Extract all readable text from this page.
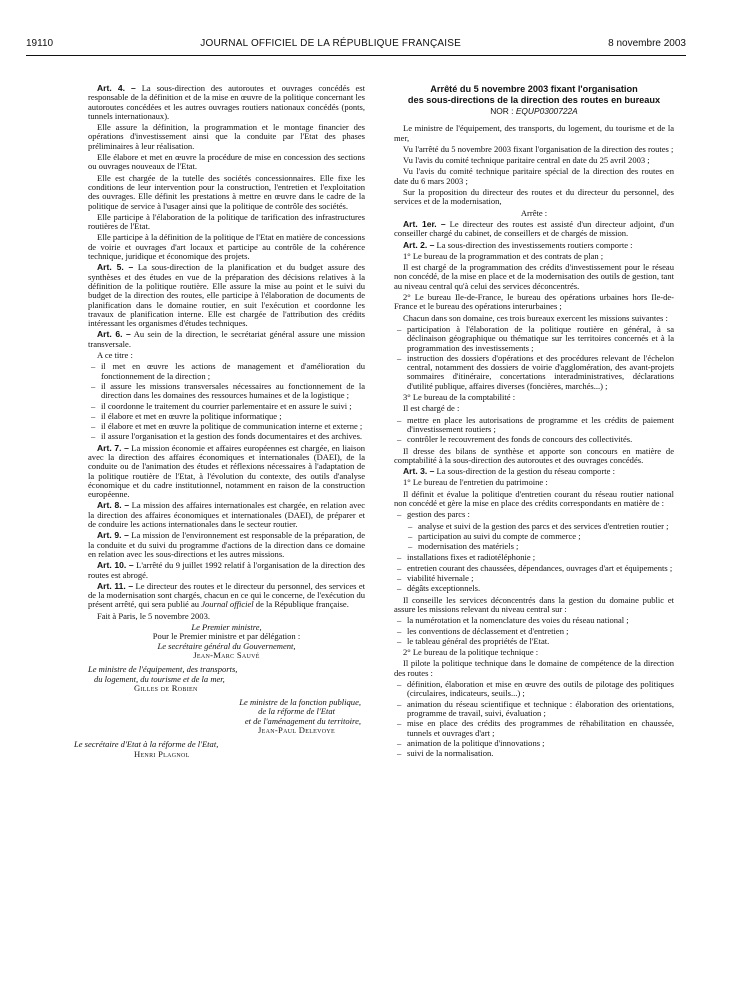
19110	JOURNAL OFFICIEL DE LA RÉPUBLIQUE FRANÇAISE	8 novembre 2003

Art. 4. – La sous-direction des autoroutes et ouvrages concédés est responsable de la définition et de la mise en œuvre de la politique concernant les autoroutes concédées et les autres ouvrages routiers nationaux concédés (ponts, tunnels internationaux).

Elle assure la définition, la programmation et le montage financier des opérations d'investissement ainsi que la conduite par l'Etat des phases préliminaires à leur réalisation.

Elle élabore et met en œuvre la procédure de mise en concession des sections ou ouvrages nouveaux de l'Etat.

Elle est chargée de la tutelle des sociétés concessionnaires. Elle fixe les conditions de leur intervention pour la construction, l'entretien et l'exploitation des ouvrages. Elle définit les prestations à mettre en œuvre dans le cadre de la politique de service à l'usager ainsi que la politique de contrôle des sociétés.

Elle participe à l'élaboration de la politique de tarification des infrastructures routières de l'Etat.

Elle participe à la définition de la politique de l'Etat en matière de concessions de voirie et ouvrages d'art locaux et participe au contrôle de la cohérence technique, juridique et économique des projets.

Art. 5. – La sous-direction de la planification et du budget assure des synthèses et des études en vue de la préparation des décisions relatives à la définition de la politique routière. Elle assure la mise au point et le suivi du budget de la direction des routes, elle participe à l'élaboration de documents de planification dans le domaine routier, en suit l'exécution et coordonne les travaux de planification interne. Elle est chargée de l'attribution des crédits intéressant les organismes d'études techniques.

Art. 6. – Au sein de la direction, le secrétariat général assure une mission transversale.

A ce titre :

– il met en œuvre les actions de management et d'amélioration du fonctionnement de la direction ;
– il assure les missions transversales nécessaires au fonctionnement de la direction dans les domaines des ressources humaines et de la logistique ;
– il coordonne le traitement du courrier parlementaire et en assure le suivi ;
– il élabore et met en œuvre la politique informatique ;
– il élabore et met en œuvre la politique de communication interne et externe ;
– il assure l'organisation et la gestion des fonds documentaires et des archives.

Art. 7. – La mission économie et affaires européennes est chargée, en liaison avec la direction des affaires économiques et internationales (DAEI), de la conduite ou de l'animation des études et réflexions nécessaires à l'adaptation de la politique routière de l'Etat, à l'évolution du contexte, des outils d'analyse économique et du cadre institutionnel, notamment en raison de la construction européenne.

Art. 8. – La mission des affaires internationales est chargée, en relation avec la direction des affaires économiques et internationales (DAEI), de préparer et de conduire les actions internationales dans le secteur routier.

Art. 9. – La mission de l'environnement est responsable de la préparation, de la conduite et du suivi du programme d'actions de la direction dans ce domaine en relation avec les sous-directions et les autres missions.

Art. 10. – L'arrêté du 9 juillet 1992 relatif à l'organisation de la direction des routes est abrogé.

Art. 11. – Le directeur des routes et le directeur du personnel, des services et de la modernisation sont chargés, chacun en ce qui le concerne, de l'exécution du présent arrêté, qui sera publié au Journal officiel de la République française.

Fait à Paris, le 5 novembre 2003.

Le Premier ministre,

Pour le Premier ministre et par délégation :

Le secrétaire général du Gouvernement,

Jean-Marc Sauvé

Le ministre de l'équipement, des transports,

du logement, du tourisme et de la mer,

Gilles de Robien

Le ministre de la fonction publique,

de la réforme de l'Etat

et de l'aménagement du territoire,

Jean-Paul Delevoye

Le secrétaire d'Etat à la réforme de l'Etat,

Henri Plagnol

Arrêté du 5 novembre 2003 fixant l'organisation

des sous-directions de la direction des routes en bureaux

NOR : EQUP0300722A

Le ministre de l'équipement, des transports, du logement, du tourisme et de la mer,

Vu l'arrêté du 5 novembre 2003 fixant l'organisation de la direction des routes ;

Vu l'avis du comité technique paritaire central en date du 25 avril 2003 ;

Vu l'avis du comité technique paritaire spécial de la direction des routes en date du 6 mars 2003 ;

Sur la proposition du directeur des routes et du directeur du personnel, des services et de la modernisation,

Arrête :

Art. 1er. – Le directeur des routes est assisté d'un directeur adjoint, d'un conseiller chargé du cabinet, de conseillers et de chargés de mission.

Art. 2. – La sous-direction des investissements routiers comporte :

1° Le bureau de la programmation et des contrats de plan ;

Il est chargé de la programmation des crédits d'investissement pour le réseau non concédé, de la mise en place et de la modernisation des outils de gestion, tant au niveau central qu'à celui des services déconcentrés.

2° Le bureau Ile-de-France, le bureau des opérations urbaines hors Ile-de-France et le bureau des opérations interurbaines ;

Chacun dans son domaine, ces trois bureaux exercent les missions suivantes :

– participation à l'élaboration de la politique routière en général, à sa déclinaison géographique ou thématique sur les territoires concernés et à la programmation des investissements ;
– instruction des dossiers d'opérations et des procédures relevant de l'échelon central, notamment des dossiers de voirie d'agglomération, des avant-projets sommaires d'itinéraire, concertations interadministratives, déclarations d'utilité publique, affaires diverses (foncières, marchés...) ;

3° Le bureau de la comptabilité :

Il est chargé de :

– mettre en place les autorisations de programme et les crédits de paiement d'investissement routiers ;
– contrôler le recouvrement des fonds de concours des collectivités.

Il dresse des bilans de synthèse et apporte son concours en matière de comptabilité à la sous-direction des autoroutes et des ouvrages concédés.

Art. 3. – La sous-direction de la gestion du réseau comporte :

1° Le bureau de l'entretien du patrimoine :

Il définit et évalue la politique d'entretien courant du réseau routier national non concédé et gère la mise en place des crédits correspondants en matière de :

– gestion des parcs :
– analyse et suivi de la gestion des parcs et des services d'entretien routier ;
– participation au suivi du compte de commerce ;
– modernisation des matériels ;
– installations fixes et radiotéléphonie ;
– entretien courant des chaussées, dépendances, ouvrages d'art et équipements ;
– viabilité hivernale ;
– dégâts exceptionnels.

Il conseille les services déconcentrés dans la gestion du domaine public et assure les missions relevant du niveau central sur :

– la numérotation et la nomenclature des voies du réseau national ;
– les conventions de déclassement et d'entretien ;
– le tableau général des propriétés de l'Etat.

2° Le bureau de la politique technique :

Il pilote la politique technique dans le domaine de compétence de la direction des routes :

– définition, élaboration et mise en œuvre des outils de pilotage des politiques (circulaires, indicateurs, seuils...) ;
– animation du réseau scientifique et technique : élaboration des orientations, programme de travail, suivi, évaluation ;
– mise en place des crédits des programmes de réhabilitation en chaussée, tunnels et ouvrages d'art ;
– animation de la politique d'innovations ;
– suivi de la normalisation.
